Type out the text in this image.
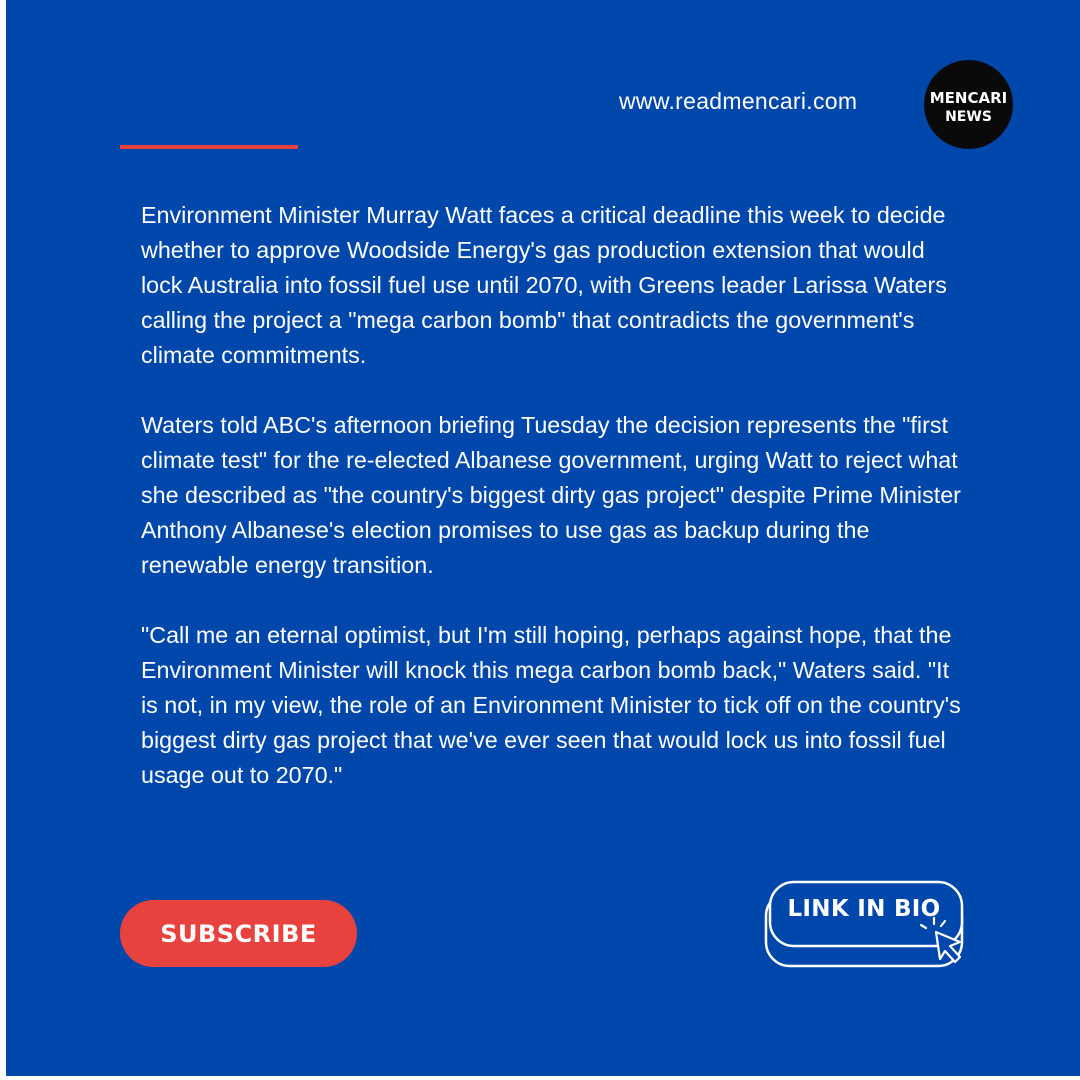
www.readmencari.com	MENCARI
NEWS

Environment Minister Murray Watt faces a critical deadline this week to decide whether to approve Woodside Energy's gas production extension that would lock Australia into fossil fuel use until 2070, with Greens leader Larissa Waters calling the project a "mega carbon bomb" that contradicts the government's climate commitments.

Waters told ABC's afternoon briefing Tuesday the decision represents the "first climate test" for the re-elected Albanese government, urging Watt to reject what she described as "the country's biggest dirty gas project" despite Prime Minister Anthony Albanese's election promises to use gas as backup during the renewable energy transition.

"Call me an eternal optimist, but I'm still hoping, perhaps against hope, that the Environment Minister will knock this mega carbon bomb back," Waters said. "It is not, in my view, the role of an Environment Minister to tick off on the country's biggest dirty gas project that we've ever seen that would lock us into fossil fuel usage out to 2070."

SUBSCRIBE
LINK IN BIO
